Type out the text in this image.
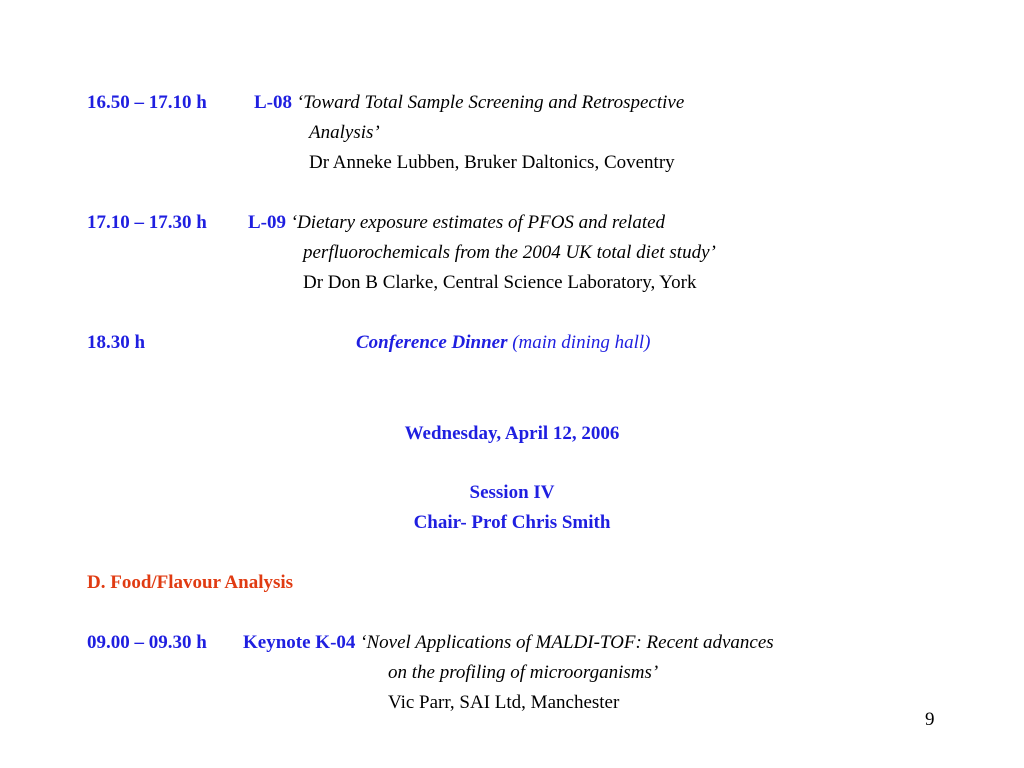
16.50 – 17.10 h L-08 ‘Toward Total Sample Screening and Retrospective
Analysis’
Dr Anneke Lubben, Bruker Daltonics, Coventry
17.10 – 17.30 h L-09 ‘Dietary exposure estimates of PFOS and related
perfluorochemicals from the 2004 UK total diet study’
Dr Don B Clarke, Central Science Laboratory, York
18.30 h	Conference Dinner (main dining hall)
Wednesday, April 12, 2006
Session IV
Chair- Prof Chris Smith
D. Food/Flavour Analysis
09.00 – 09.30 h Keynote K-04 ‘Novel Applications of MALDI-TOF: Recent advances
on the profiling of microorganisms’
Vic Parr, SAI Ltd, Manchester
9
